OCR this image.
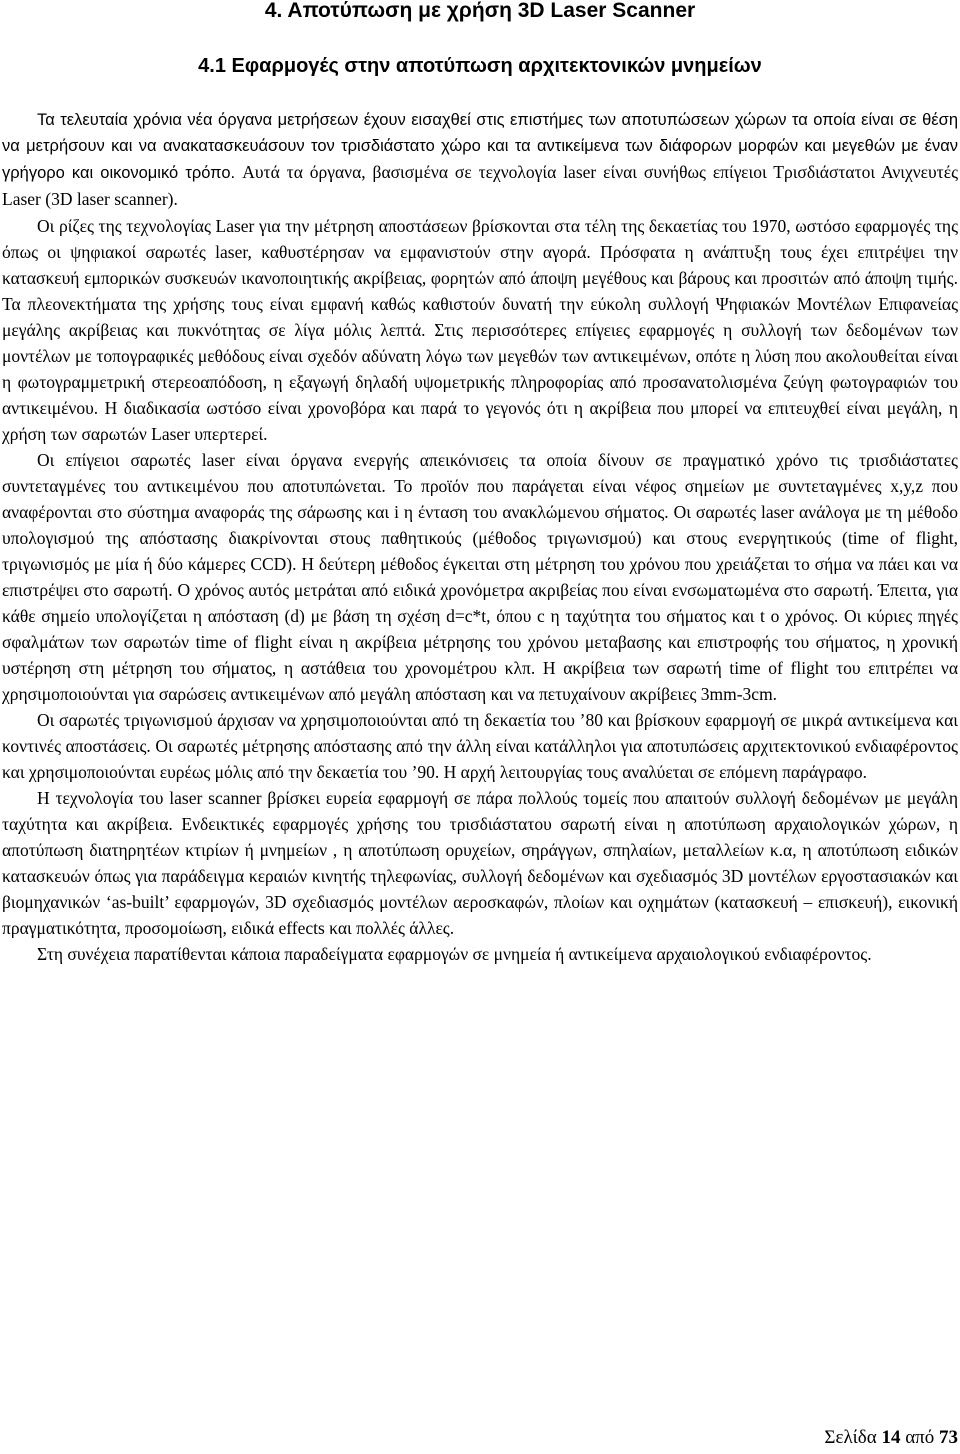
4. Αποτύπωση με χρήση 3D Laser Scanner
4.1 Εφαρμογές στην αποτύπωση αρχιτεκτονικών μνημείων

Τα τελευταία χρόνια νέα όργανα μετρήσεων έχουν εισαχθεί στις επιστήμες των αποτυπώσεων χώρων τα οποία είναι σε θέση να μετρήσουν και να ανακατασκευάσουν τον τρισδιάστατο χώρο και τα αντικείμενα των διάφορων μορφών και μεγεθών με έναν γρήγορο και οικονομικό τρόπο. Αυτά τα όργανα, βασισμένα σε τεχνολογία laser είναι συνήθως επίγειοι Τρισδιάστατοι Ανιχνευτές Laser (3D laser scanner).

Οι ρίζες της τεχνολογίας Laser για την μέτρηση αποστάσεων βρίσκονται στα τέλη της δεκαετίας του 1970, ωστόσο εφαρμογές της όπως οι ψηφιακοί σαρωτές laser, καθυστέρησαν να εμφανιστούν στην αγορά. Πρόσφατα η ανάπτυξη τους έχει επιτρέψει την κατασκευή εμπορικών συσκευών ικανοποιητικής ακρίβειας, φορητών από άποψη μεγέθους και βάρους και προσιτών από άποψη τιμής. Τα πλεονεκτήματα της χρήσης τους είναι εμφανή καθώς καθιστούν δυνατή την εύκολη συλλογή Ψηφιακών Μοντέλων Επιφανείας μεγάλης ακρίβειας και πυκνότητας σε λίγα μόλις λεπτά. Στις περισσότερες επίγειες εφαρμογές η συλλογή των δεδομένων των μοντέλων με τοπογραφικές μεθόδους είναι σχεδόν αδύνατη λόγω των μεγεθών των αντικειμένων, οπότε η λύση που ακολουθείται είναι η φωτογραμμετρική στερεοαπόδοση, η εξαγωγή δηλαδή υψομετρικής πληροφορίας από προσανατολισμένα ζεύγη φωτογραφιών του αντικειμένου. Η διαδικασία ωστόσο είναι χρονοβόρα και παρά το γεγονός ότι η ακρίβεια που μπορεί να επιτευχθεί είναι μεγάλη, η χρήση των σαρωτών Laser υπερτερεί.

Οι επίγειοι σαρωτές laser είναι όργανα ενεργής απεικόνισεις τα οποία δίνουν σε πραγματικό χρόνο τις τρισδιάστατες συντεταγμένες του αντικειμένου που αποτυπώνεται. Το προϊόν που παράγεται είναι νέφος σημείων με συντεταγμένες x,y,z που αναφέρονται στο σύστημα αναφοράς της σάρωσης και i η ένταση του ανακλώμενου σήματος. Οι σαρωτές laser ανάλογα με τη μέθοδο υπολογισμού της απόστασης διακρίνονται στους παθητικούς (μέθοδος τριγωνισμού) και στους ενεργητικούς (time of flight, τριγωνισμός με μία ή δύο κάμερες CCD). Η δεύτερη μέθοδος έγκειται στη μέτρηση του χρόνου που χρειάζεται το σήμα να πάει και να επιστρέψει στο σαρωτή. Ο χρόνος αυτός μετράται από ειδικά χρονόμετρα ακριβείας που είναι ενσωματωμένα στο σαρωτή. Έπειτα, για κάθε σημείο υπολογίζεται η απόσταση (d) με βάση τη σχέση d=c*t, όπου c η ταχύτητα του σήματος και t o χρόνος. Οι κύριες πηγές σφαλμάτων των σαρωτών time of flight είναι η ακρίβεια μέτρησης του χρόνου μεταβασης και επιστροφής του σήματος, η χρονική υστέρηση στη μέτρηση του σήματος, η αστάθεια του χρονομέτρου κλπ. Η ακρίβεια των σαρωτή time of flight του επιτρέπει να χρησιμοποιούνται για σαρώσεις αντικειμένων από μεγάλη απόσταση και να πετυχαίνουν ακρίβειες 3mm-3cm.

Οι σαρωτές τριγωνισμού άρχισαν να χρησιμοποιούνται από τη δεκαετία του ’80 και βρίσκουν εφαρμογή σε μικρά αντικείμενα και κοντινές αποστάσεις. Οι σαρωτές μέτρησης απόστασης από την άλλη είναι κατάλληλοι για αποτυπώσεις αρχιτεκτονικού ενδιαφέροντος και χρησιμοποιούνται ευρέως μόλις από την δεκαετία του ’90. Η αρχή λειτουργίας τους αναλύεται σε επόμενη παράγραφο.

Η τεχνολογία του laser scanner βρίσκει ευρεία εφαρμογή σε πάρα πολλούς τομείς που απαιτούν συλλογή δεδομένων με μεγάλη ταχύτητα και ακρίβεια. Ενδεικτικές εφαρμογές χρήσης του τρισδιάστατου σαρωτή είναι η αποτύπωση αρχαιολογικών χώρων, η αποτύπωση διατηρητέων κτιρίων ή μνημείων , η αποτύπωση ορυχείων, σηράγγων, σπηλαίων, μεταλλείων κ.α, η αποτύπωση ειδικών κατασκευών όπως για παράδειγμα κεραιών κινητής τηλεφωνίας, συλλογή δεδομένων και σχεδιασμός 3D μοντέλων εργοστασιακών και βιομηχανικών ‘as-built’ εφαρμογών, 3D σχεδιασμός μοντέλων αεροσκαφών, πλοίων και οχημάτων (κατασκευή – επισκευή), εικονική πραγματικότητα, προσομοίωση, ειδικά effects και πολλές άλλες.

Στη συνέχεια παρατίθενται κάποια παραδείγματα εφαρμογών σε μνημεία ή αντικείμενα αρχαιολογικού ενδιαφέροντος.

Σελίδα 14 από 73
